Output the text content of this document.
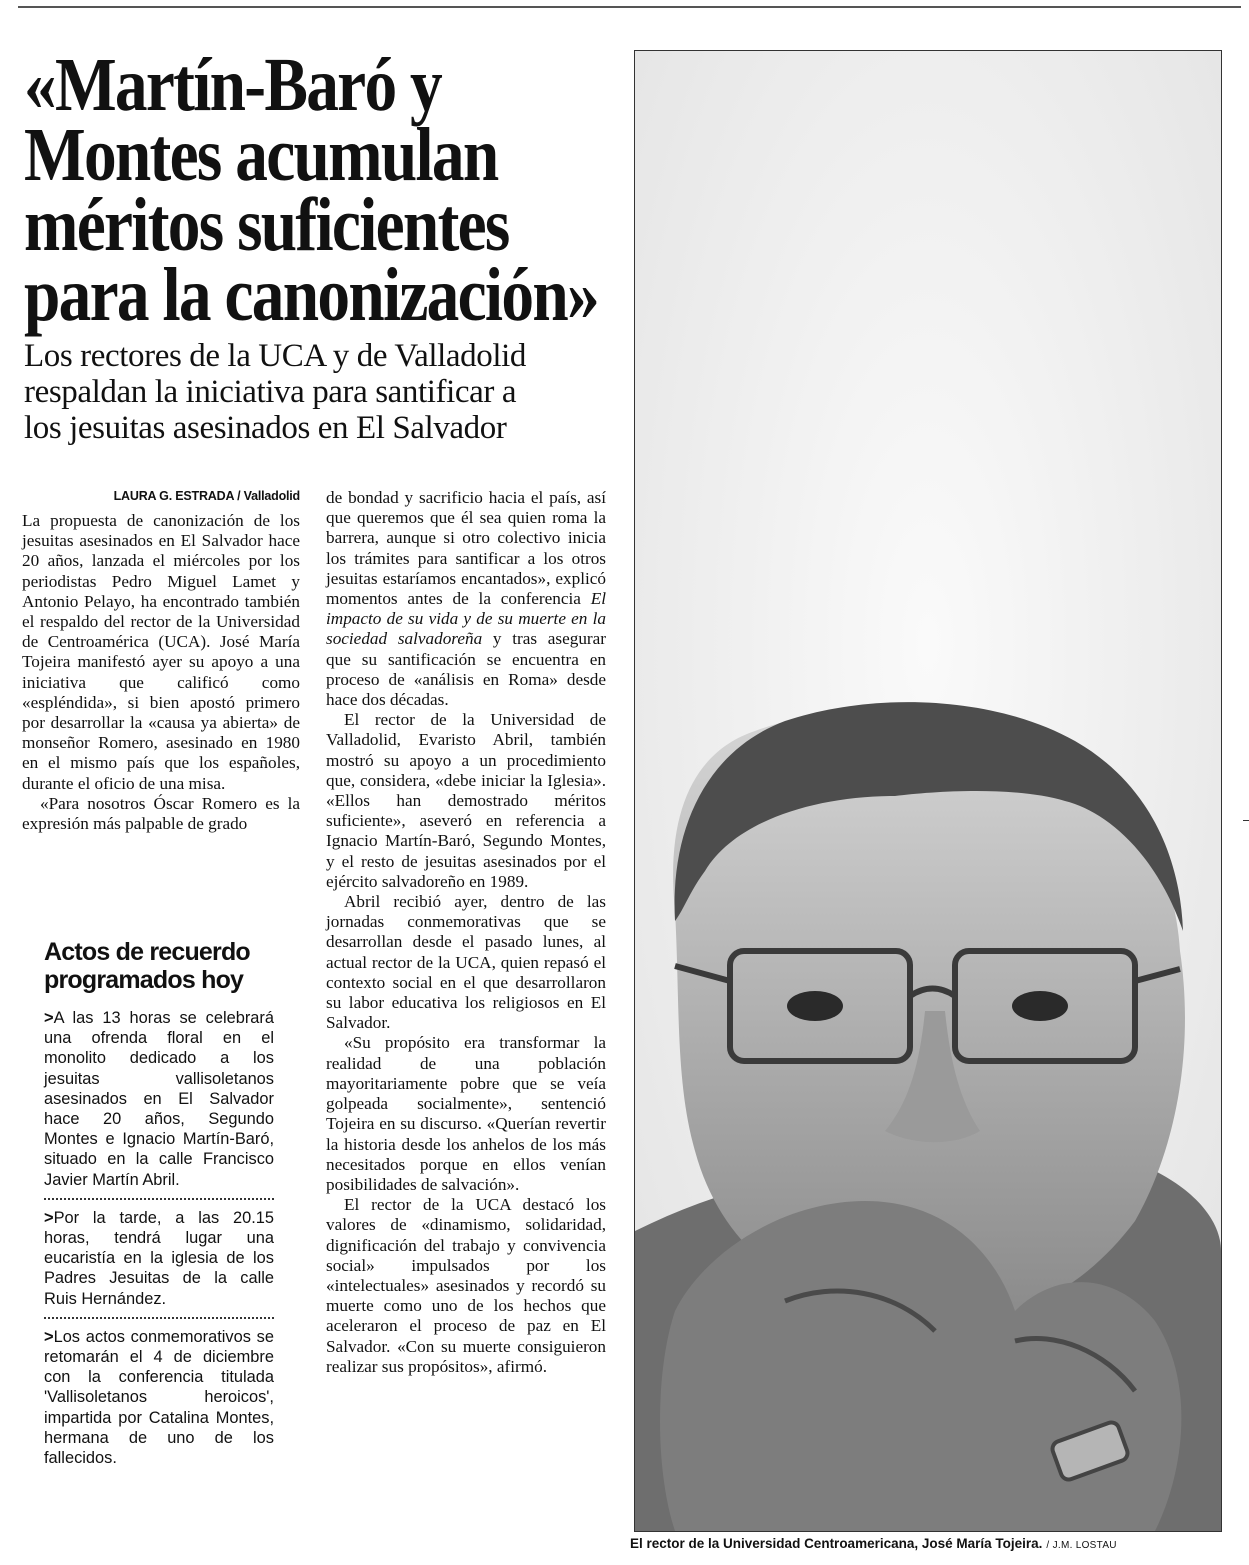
«Martín-Baró y
Montes acumulan
méritos suficientes
para la canonización»
Los rectores de la UCA y de Valladolid
respaldan la iniciativa para santificar a
los jesuitas asesinados en El Salvador
LAURA G. ESTRADA / Valladolid

La propuesta de canonización de los jesuitas asesinados en El Salvador hace 20 años, lanzada el miércoles por los periodistas Pedro Miguel Lamet y Antonio Pelayo, ha encontrado también el respaldo del rector de la Universidad de Centroamérica (UCA). José María Tojeira manifestó ayer su apoyo a una iniciativa que calificó como «espléndida», si bien apostó primero por desarrollar la «causa ya abierta» de monseñor Romero, asesinado en 1980 en el mismo país que los españoles, durante el oficio de una misa.

«Para nosotros Óscar Romero es la expresión más palpable de grado

de bondad y sacrificio hacia el país, así que queremos que él sea quien roma la barrera, aunque si otro colectivo inicia los trámites para santificar a los otros jesuitas estaríamos encantados», explicó momentos antes de la conferencia El impacto de su vida y de su muerte en la sociedad salvadoreña y tras asegurar que su santificación se encuentra en proceso de «análisis en Roma» desde hace dos décadas.

El rector de la Universidad de Valladolid, Evaristo Abril, también mostró su apoyo a un procedimiento que, considera, «debe iniciar la Iglesia». «Ellos han demostrado méritos suficiente», aseveró en referencia a Ignacio Martín-Baró, Segundo Montes, y el resto de jesuitas asesinados por el ejército salvadoreño en 1989.

Abril recibió ayer, dentro de las jornadas conmemorativas que se desarrollan desde el pasado lunes, al actual rector de la UCA, quien repasó el contexto social en el que desarrollaron su labor educativa los religiosos en El Salvador.

«Su propósito era transformar la realidad de una población mayoritariamente pobre que se veía golpeada socialmente», sentenció Tojeira en su discurso. «Querían revertir la historia desde los anhelos de los más necesitados porque en ellos venían posibilidades de salvación».

El rector de la UCA destacó los valores de «dinamismo, solidaridad, dignificación del trabajo y convivencia social» impulsados por los «intelectuales» asesinados y recordó su muerte como uno de los hechos que aceleraron el proceso de paz en El Salvador. «Con su muerte consiguieron realizar sus propósitos», afirmó.

Actos de recuerdo
programados hoy

>A las 13 horas se celebrará una ofrenda floral en el monolito dedicado a los jesuitas vallisoletanos asesinados en El Salvador hace 20 años, Segundo Montes e Ignacio Martín-Baró, situado en la calle Francisco Javier Martín Abril.

>Por la tarde, a las 20.15 horas, tendrá lugar una eucaristía en la iglesia de los Padres Jesuitas de la calle Ruis Hernández.

>Los actos conmemorativos se retomarán el 4 de diciembre con la conferencia titulada 'Vallisoletanos heroicos', impartida por Catalina Montes, hermana de uno de los fallecidos.

El rector de la Universidad Centroamericana, José María Tojeira. / J.M. LOSTAU
